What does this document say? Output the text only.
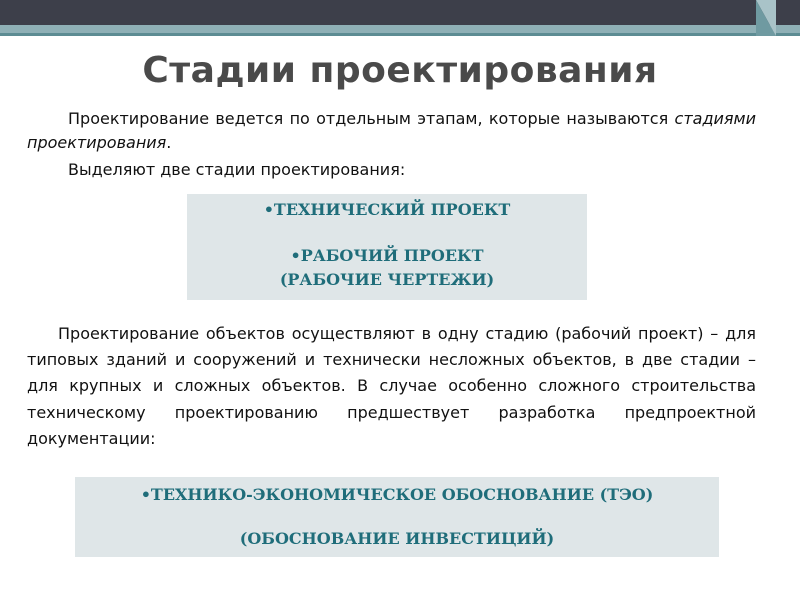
Стадии проектирования

Проектирование ведется по отдельным этапам, которые называются стадиями проектирования.

Выделяют две стадии проектирования:

•ТЕХНИЧЕСКИЙ ПРОЕКТ
•РАБОЧИЙ ПРОЕКТ
(РАБОЧИЕ ЧЕРТЕЖИ)

Проектирование объектов осуществляют в одну стадию (рабочий проект) – для типовых зданий и сооружений и технически несложных объектов, в две стадии – для крупных и сложных объектов. В случае особенно сложного строительства техническому проектированию предшествует разработка предпроектной документации:

•ТЕХНИКО-ЭКОНОМИЧЕСКОЕ ОБОСНОВАНИЕ (ТЭО)
(ОБОСНОВАНИЕ ИНВЕСТИЦИЙ)
